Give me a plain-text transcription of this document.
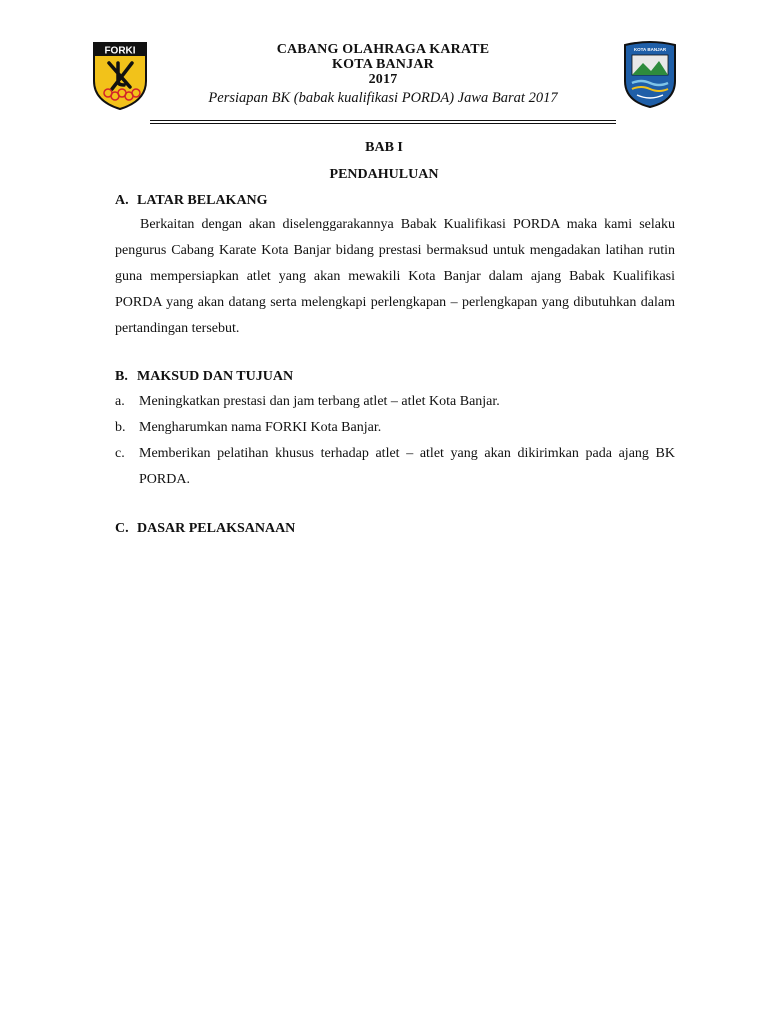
FORKI	CABANG OLAHRAGA KARATE
KOTA BANJAR
2017
Persiapan BK (babak kualifikasi PORDA) Jawa Barat 2017
KOTA BANJAR
BAB I
PENDAHULUAN
A. LATAR BELAKANG
Berkaitan dengan akan diselenggarakannya Babak Kualifikasi PORDA maka kami selaku pengurus Cabang Karate Kota Banjar bidang prestasi bermaksud untuk mengadakan latihan rutin guna mempersiapkan atlet yang akan mewakili Kota Banjar dalam ajang Babak Kualifikasi PORDA yang akan datang serta melengkapi perlengkapan – perlengkapan yang dibutuhkan dalam pertandingan tersebut.
B. MAKSUD DAN TUJUAN
a. Meningkatkan prestasi dan jam terbang atlet – atlet Kota Banjar.
b. Mengharumkan nama FORKI Kota Banjar.
c. Memberikan pelatihan khusus terhadap atlet – atlet yang akan dikirimkan pada ajang BK PORDA.
C. DASAR PELAKSANAAN
